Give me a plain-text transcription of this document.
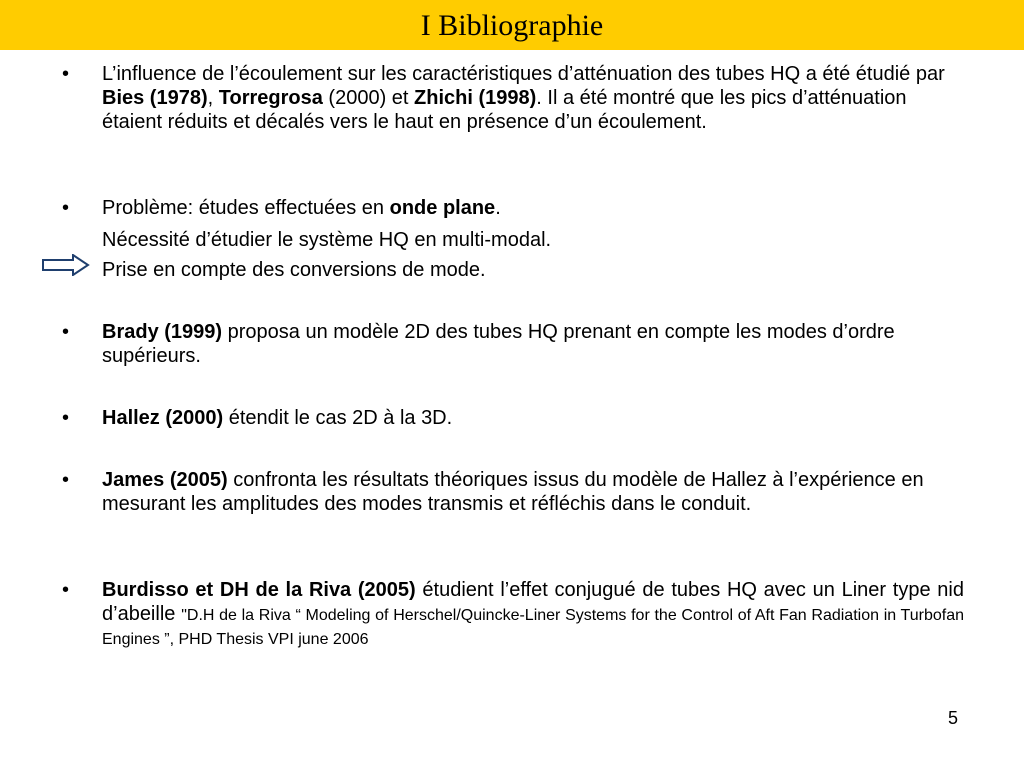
I Bibliographie
• L’influence de l’écoulement sur les caractéristiques d’atténuation des tubes HQ a été étudié par Bies (1978), Torregrosa (2000) et Zhichi (1998). Il a été montré que les pics d’atténuation étaient réduits et décalés vers le haut en présence d’un écoulement.
• Problème: études effectuées en onde plane.
Nécessité d’étudier le système HQ en multi-modal.
Prise en compte des conversions de mode.
• Brady (1999) proposa un modèle 2D des tubes HQ prenant en compte les modes d’ordre supérieurs.
• Hallez (2000) étendit le cas 2D à la 3D.
• James (2005) confronta les résultats théoriques issus du modèle de Hallez à l’expérience en mesurant les amplitudes des modes transmis et réfléchis dans le conduit.
• Burdisso et DH de la Riva (2005) étudient l’effet conjugué de tubes HQ avec un Liner type nid d’abeille "D.H de la Riva “ Modeling of Herschel/Quincke-Liner Systems for the Control of Aft Fan Radiation in Turbofan Engines ”, PHD Thesis VPI june 2006
5
